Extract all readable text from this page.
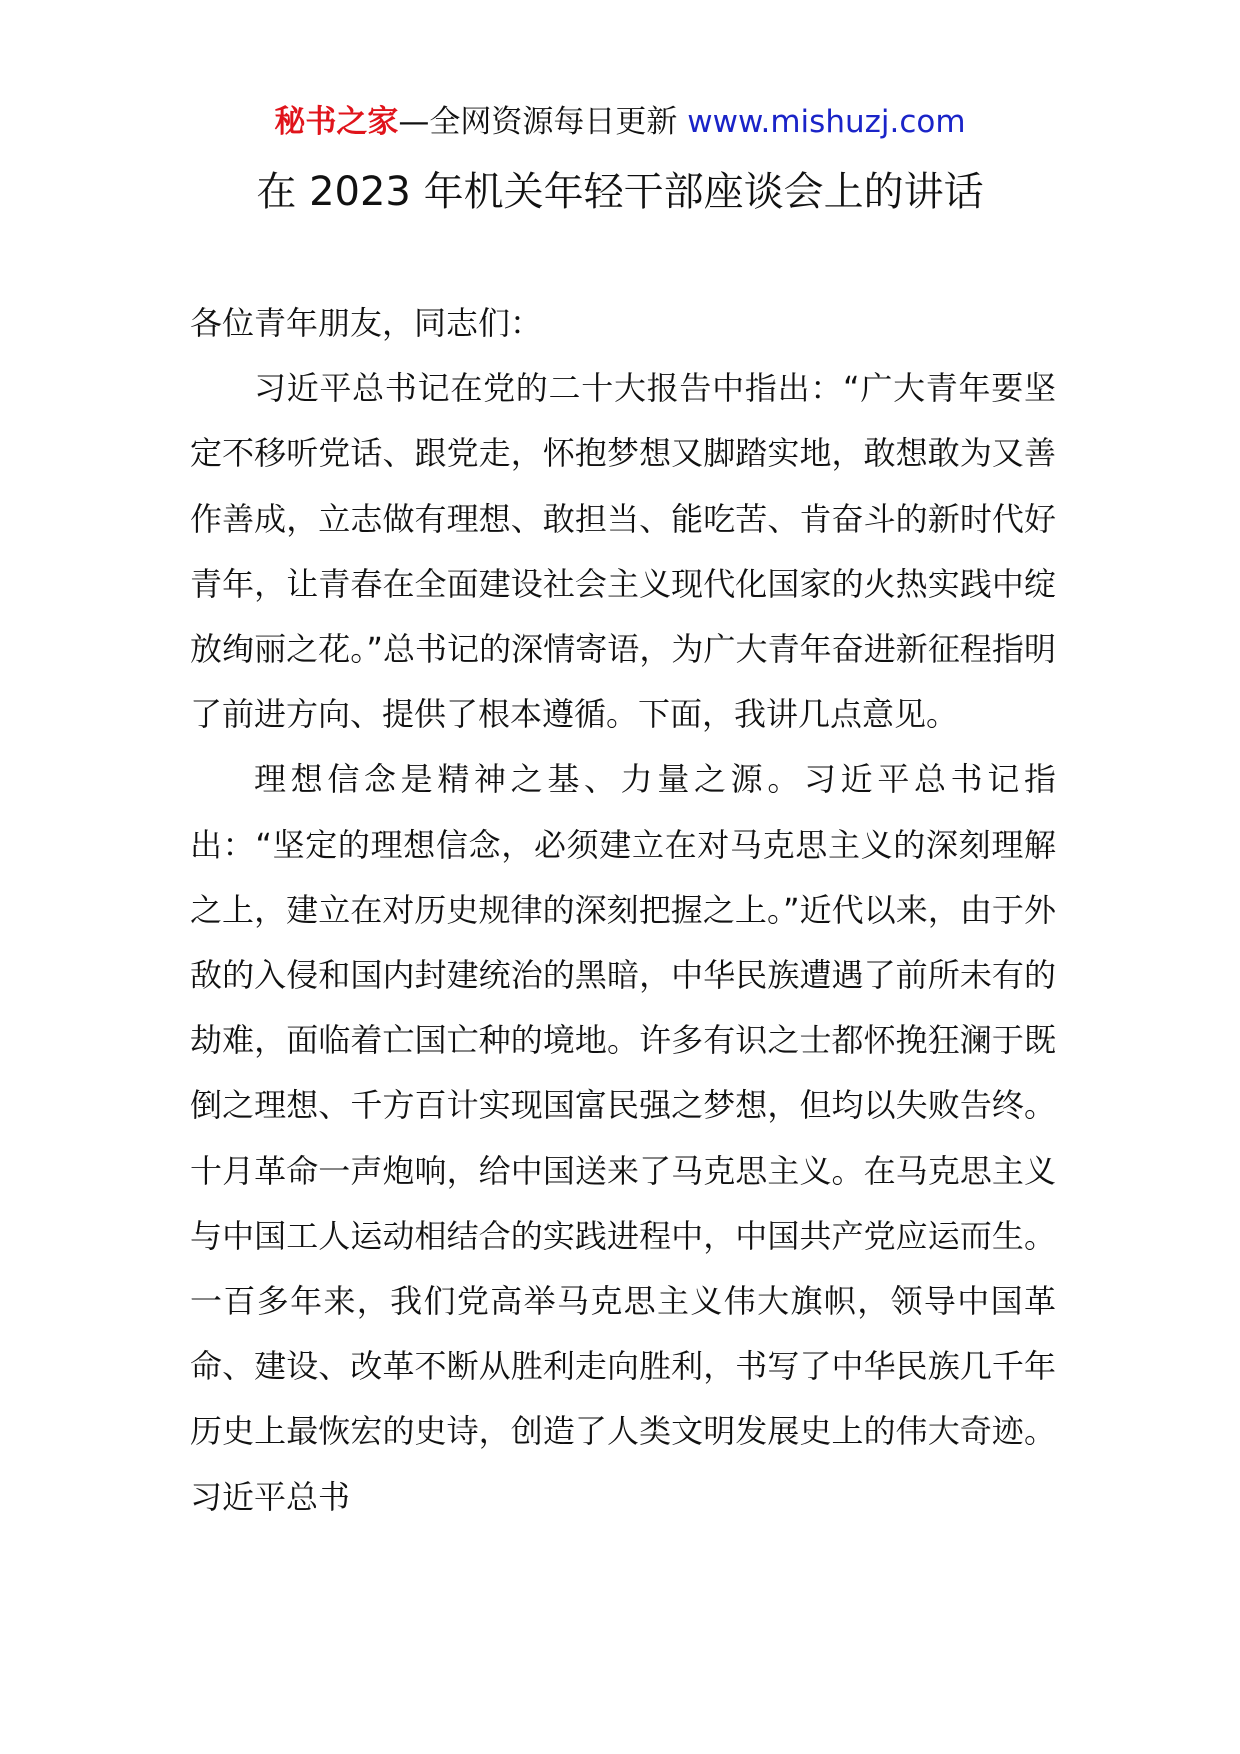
秘书之家—全网资源每日更新 www.mishuzj.com
在 2023 年机关年轻干部座谈会上的讲话

各位青年朋友，同志们：

习近平总书记在党的二十大报告中指出：“广大青年要坚定不移听党话、跟党走，怀抱梦想又脚踏实地，敢想敢为又善作善成，立志做有理想、敢担当、能吃苦、肯奋斗的新时代好青年，让青春在全面建设社会主义现代化国家的火热实践中绽放绚丽之花。”总书记的深情寄语，为广大青年奋进新征程指明了前进方向、提供了根本遵循。下面，我讲几点意见。

理想信念是精神之基、力量之源。习近平总书记指出：“坚定的理想信念，必须建立在对马克思主义的深刻理解之上，建立在对历史规律的深刻把握之上。”近代以来，由于外敌的入侵和国内封建统治的黑暗，中华民族遭遇了前所未有的劫难，面临着亡国亡种的境地。许多有识之士都怀挽狂澜于既倒之理想、千方百计实现国富民强之梦想，但均以失败告终。十月革命一声炮响，给中国送来了马克思主义。在马克思主义与中国工人运动相结合的实践进程中，中国共产党应运而生。一百多年来，我们党高举马克思主义伟大旗帜，领导中国革命、建设、改革不断从胜利走向胜利，书写了中华民族几千年历史上最恢宏的史诗，创造了人类文明发展史上的伟大奇迹。习近平总书
